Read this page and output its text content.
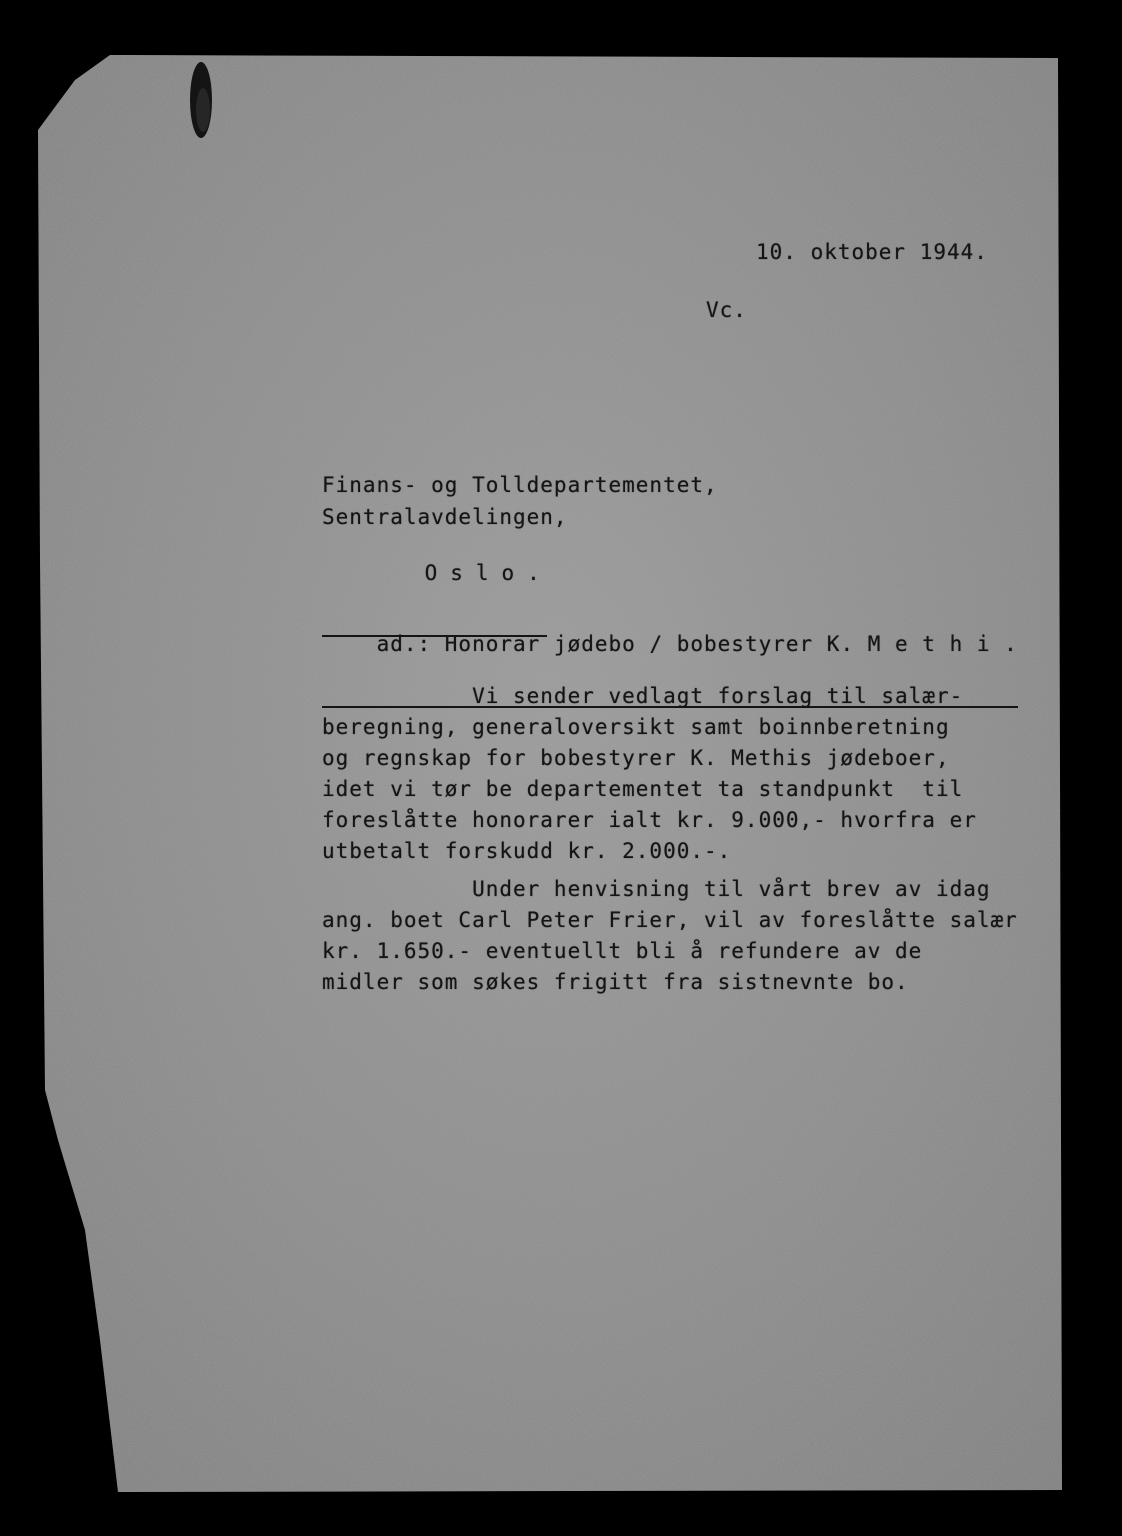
10. oktober 1944.
Vc.
Finans- og Tolldepartementet,
Sentralavdelingen,

Oslo.

ad.: Honorar jødebo / bobestyrer K. M e t h i .

Vi sender vedlagt forslag til salær-
beregning, generaloversikt samt boinnberetning
og regnskap for bobestyrer K. Methis jødeboer,
idet vi tør be departementet ta standpunkt  til
foreslåtte honorarer ialt kr. 9.000,- hvorfra er
utbetalt forskudd kr. 2.000.-.
Under henvisning til vårt brev av idag
ang. boet Carl Peter Frier, vil av foreslåtte salær
kr. 1.650.- eventuellt bli å refundere av de
midler som søkes frigitt fra sistnevnte bo.
